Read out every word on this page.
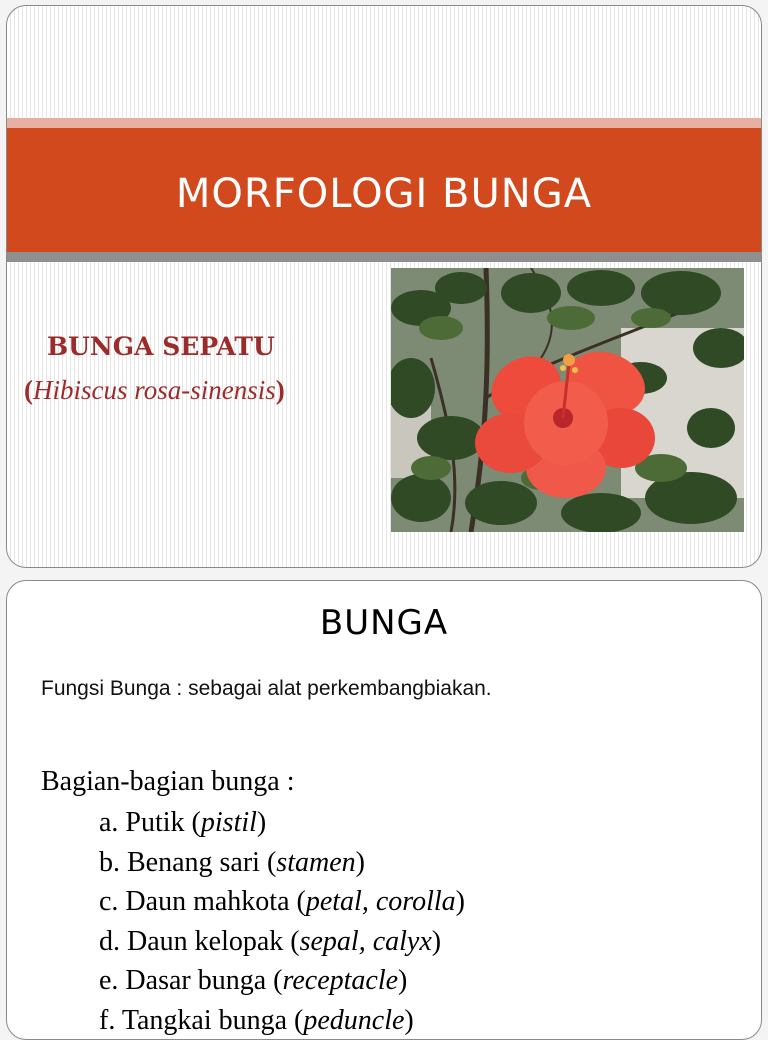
MORFOLOGI BUNGA
BUNGA SEPATU
(Hibiscus rosa-sinensis)
BUNGA
Fungsi Bunga : sebagai alat perkembangbiakan.
Bagian-bagian bunga :
a. Putik (pistil)
b. Benang sari (stamen)
c. Daun mahkota (petal, corolla)
d. Daun kelopak (sepal, calyx)
e. Dasar bunga (receptacle)
f. Tangkai bunga (peduncle)
